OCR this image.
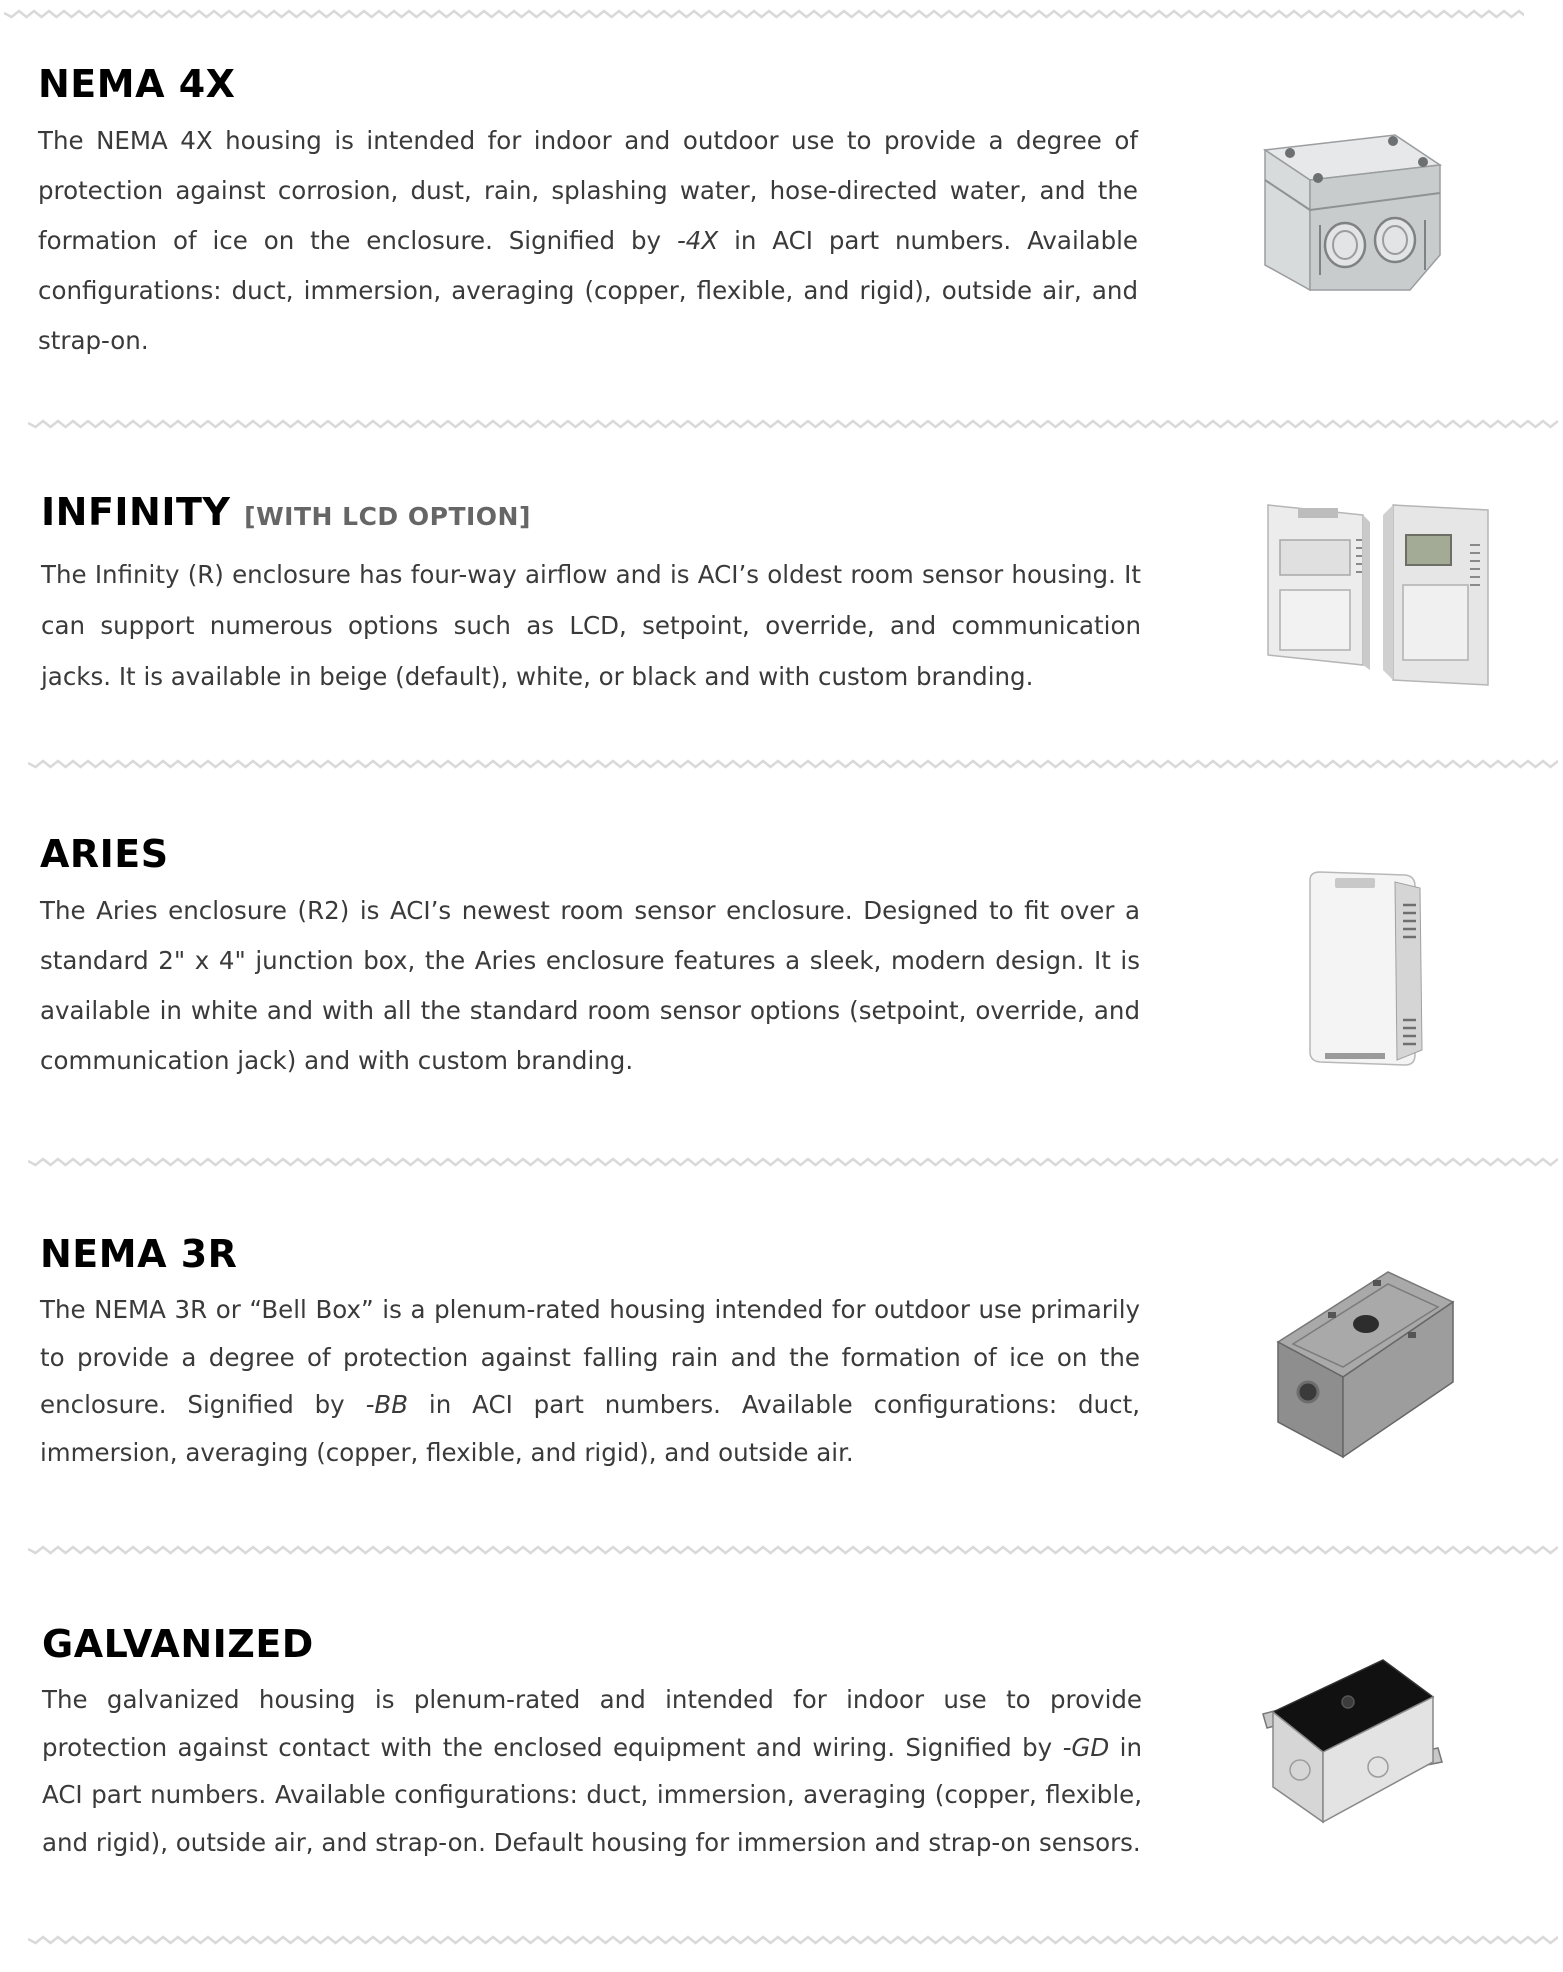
NEMA 4X

The NEMA 4X housing is intended for indoor and outdoor use to provide a degree of protection against corrosion, dust, rain, splashing water, hose-directed water, and the formation of ice on the enclosure. Signified by -4X in ACI part numbers. Available configurations: duct, immersion, averaging (copper, flexible, and rigid), outside air, and strap-on.

INFINITY [WITH LCD OPTION]

The Infinity (R) enclosure has four-way airflow and is ACI’s oldest room sensor housing. It can support numerous options such as LCD, setpoint, override, and communication jacks. It is available in beige (default), white, or black and with custom branding.

ARIES

The Aries enclosure (R2) is ACI’s newest room sensor enclosure. Designed to fit over a standard 2" x 4" junction box, the Aries enclosure features a sleek, modern design. It is available in white and with all the standard room sensor options (setpoint, override, and communication jack) and with custom branding.

NEMA 3R

The NEMA 3R or “Bell Box” is a plenum-rated housing intended for outdoor use primarily to provide a degree of protection against falling rain and the formation of ice on the enclosure. Signified by -BB in ACI part numbers. Available configurations: duct, immersion, averaging (copper, flexible, and rigid), and outside air.

GALVANIZED

The galvanized housing is plenum-rated and intended for indoor use to provide protection against contact with the enclosed equipment and wiring. Signified by -GD in ACI part numbers. Available configurations: duct, immersion, averaging (copper, flexible, and rigid), outside air, and strap-on. Default housing for immersion and strap-on sensors.
